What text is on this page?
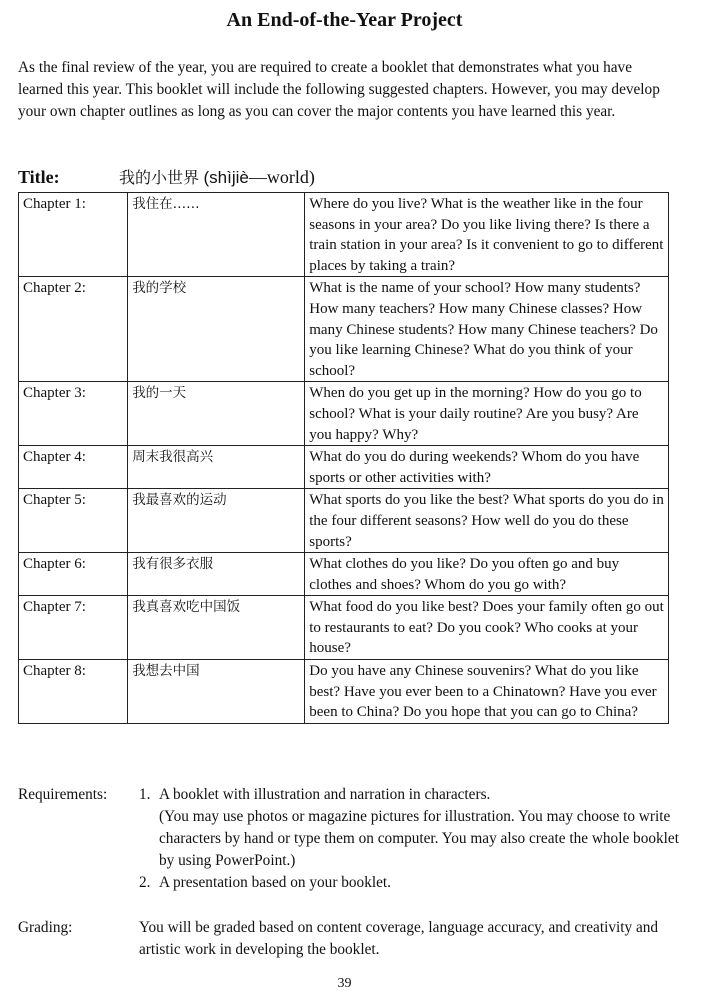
An End-of-the-Year Project
As the final review of the year, you are required to create a booklet that demonstrates what you have learned this year. This booklet will include the following suggested chapters. However, you may develop your own chapter outlines as long as you can cover the major contents you have learned this year.
Title:	我的小世界 (shìjiè—world)
Chapter 1:	我住在……	Where do you live? What is the weather like in the four seasons in your area? Do you like living there? Is there a train station in your area? Is it convenient to go to different places by taking a train?
Chapter 2:	我的学校	What is the name of your school? How many students? How many teachers? How many Chinese classes? How many Chinese students? How many Chinese teachers? Do you like learning Chinese? What do you think of your school?
Chapter 3:	我的一天	When do you get up in the morning? How do you go to school? What is your daily routine? Are you busy? Are you happy? Why?
Chapter 4:	周末我很高兴	What do you do during weekends? Whom do you have sports or other activities with?
Chapter 5:	我最喜欢的运动	What sports do you like the best? What sports do you do in the four different seasons? How well do you do these sports?
Chapter 6:	我有很多衣服	What clothes do you like? Do you often go and buy clothes and shoes? Whom do you go with?
Chapter 7:	我真喜欢吃中国饭	What food do you like best? Does your family often go out to restaurants to eat? Do you cook? Who cooks at your house?
Chapter 8:	我想去中国	Do you have any Chinese souvenirs? What do you like best? Have you ever been to a Chinatown? Have you ever been to China? Do you hope that you can go to China?
Requirements: 1. A booklet with illustration and narration in characters.
(You may use photos or magazine pictures for illustration. You may choose to write characters by hand or type them on computer. You may also create the whole booklet by using PowerPoint.)
2. A presentation based on your booklet.
Grading:	You will be graded based on content coverage, language accuracy, and creativity and artistic work in developing the booklet.
39
